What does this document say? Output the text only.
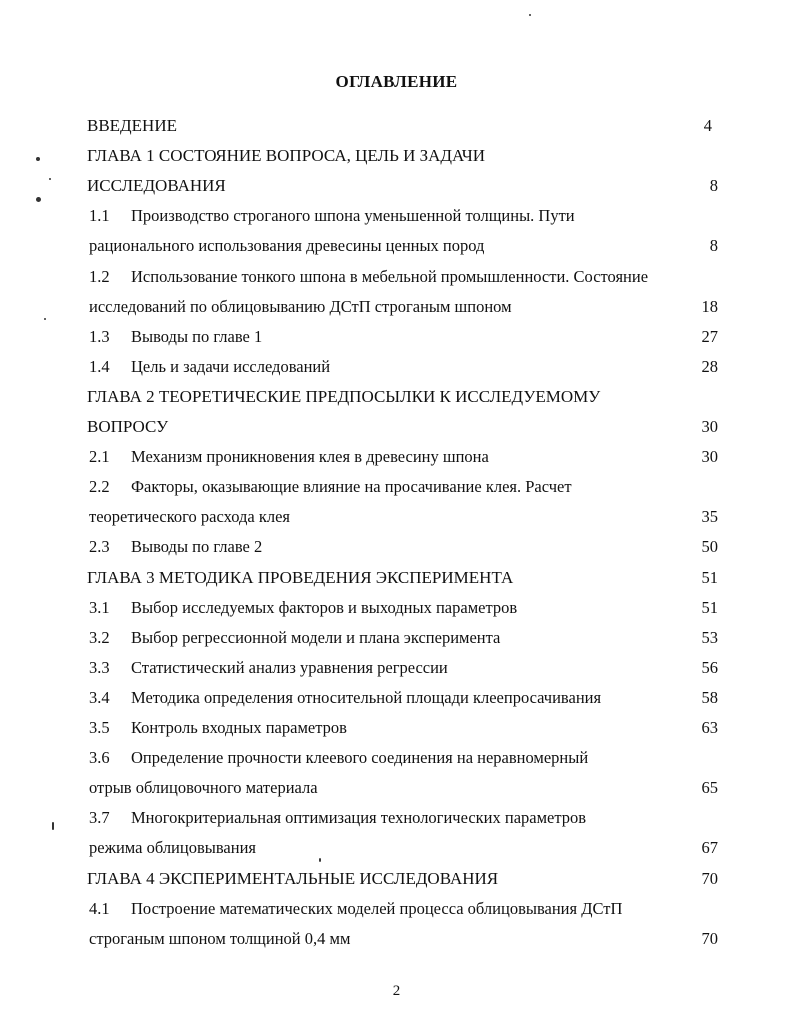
ОГЛАВЛЕНИЕ
ВВЕДЕНИЕ	4
ГЛАВА 1 СОСТОЯНИЕ ВОПРОСА, ЦЕЛЬ И ЗАДАЧИ
ИССЛЕДОВАНИЯ	8
1.1 Производство строганого шпона уменьшенной толщины. Пути
рационального использования древесины ценных пород	8
1.2 Использование тонкого шпона в мебельной промышленности. Состояние
исследований по облицовыванию ДСтП строганым шпоном	18
1.3 Выводы по главе 1	27
1.4 Цель и задачи исследований	28
ГЛАВА 2 ТЕОРЕТИЧЕСКИЕ ПРЕДПОСЫЛКИ К ИССЛЕДУЕМОМУ
ВОПРОСУ	30
2.1 Механизм проникновения клея в древесину шпона	30
2.2 Факторы, оказывающие влияние на просачивание клея. Расчет
теоретического расхода клея	35
2.3 Выводы по главе 2	50
ГЛАВА 3 МЕТОДИКА ПРОВЕДЕНИЯ ЭКСПЕРИМЕНТА	51
3.1 Выбор исследуемых факторов и выходных параметров	51
3.2 Выбор регрессионной модели и плана эксперимента	53
3.3 Статистический анализ уравнения регрессии	56
3.4 Методика определения относительной площади клеепросачивания	58
3.5 Контроль входных параметров	63
3.6 Определение прочности клеевого соединения на неравномерный
отрыв облицовочного материала	65
3.7 Многокритериальная оптимизация технологических параметров
режима облицовывания	67
ГЛАВА 4 ЭКСПЕРИМЕНТАЛЬНЫЕ ИССЛЕДОВАНИЯ	70
4.1 Построение математических моделей процесса облицовывания ДСтП
строганым шпоном толщиной 0,4 мм	70
2
